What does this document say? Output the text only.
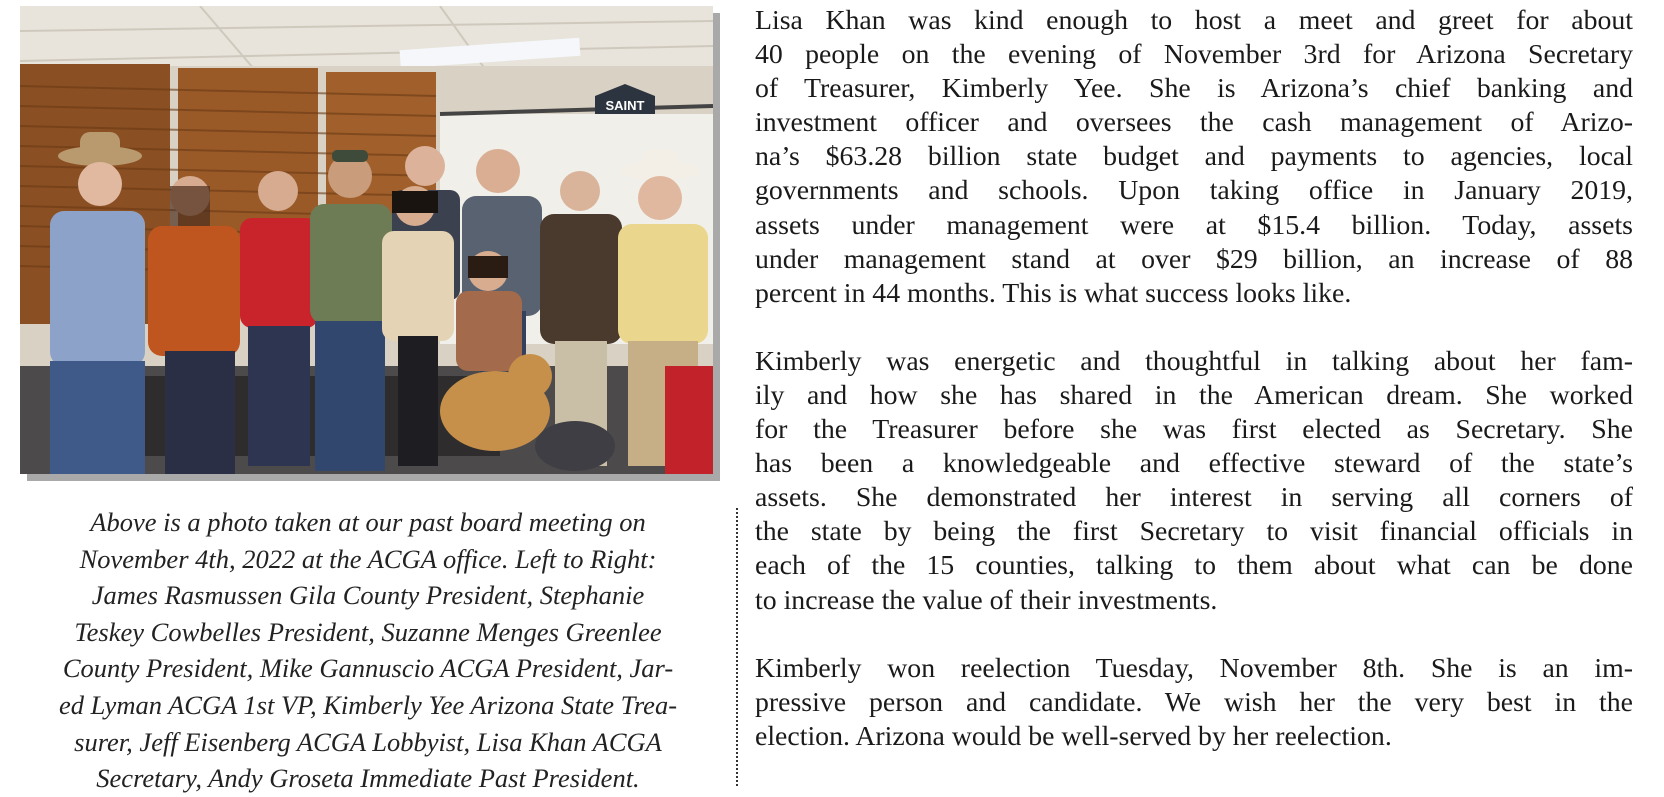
SAINT

Above is a photo taken at our past board meeting on

November 4th, 2022 at the ACGA office. Left to Right:

James Rasmussen Gila County President, Stephanie

Teskey Cowbelles President, Suzanne Menges Greenlee

County President, Mike Gannuscio ACGA President, Jar-

ed Lyman ACGA 1st VP, Kimberly Yee Arizona State Trea-

surer, Jeff Eisenberg ACGA Lobbyist, Lisa Khan ACGA

Secretary, Andy Groseta Immediate Past President.

Lisa Khan was kind enough to host a meet and greet for about
40 people on the evening of November 3rd for Arizona Secretary
of Treasurer, Kimberly Yee. She is Arizona’s chief banking and
investment officer and oversees the cash management of Arizo-
na’s $63.28 billion state budget and payments to agencies, local
governments and schools. Upon taking office in January 2019,
assets under management were at $15.4 billion. Today, assets
under management stand at over $29 billion, an increase of 88
percent in 44 months. This is what success looks like.
Kimberly was energetic and thoughtful in talking about her fam-
ily and how she has shared in the American dream. She worked
for the Treasurer before she was first elected as Secretary. She
has been a knowledgeable and effective steward of the state’s
assets. She demonstrated her interest in serving all corners of
the state by being the first Secretary to visit financial officials in
each of the 15 counties, talking to them about what can be done
to increase the value of their investments.
Kimberly won reelection Tuesday, November 8th. She is an im-
pressive person and candidate. We wish her the very best in the
election. Arizona would be well-served by her reelection.
